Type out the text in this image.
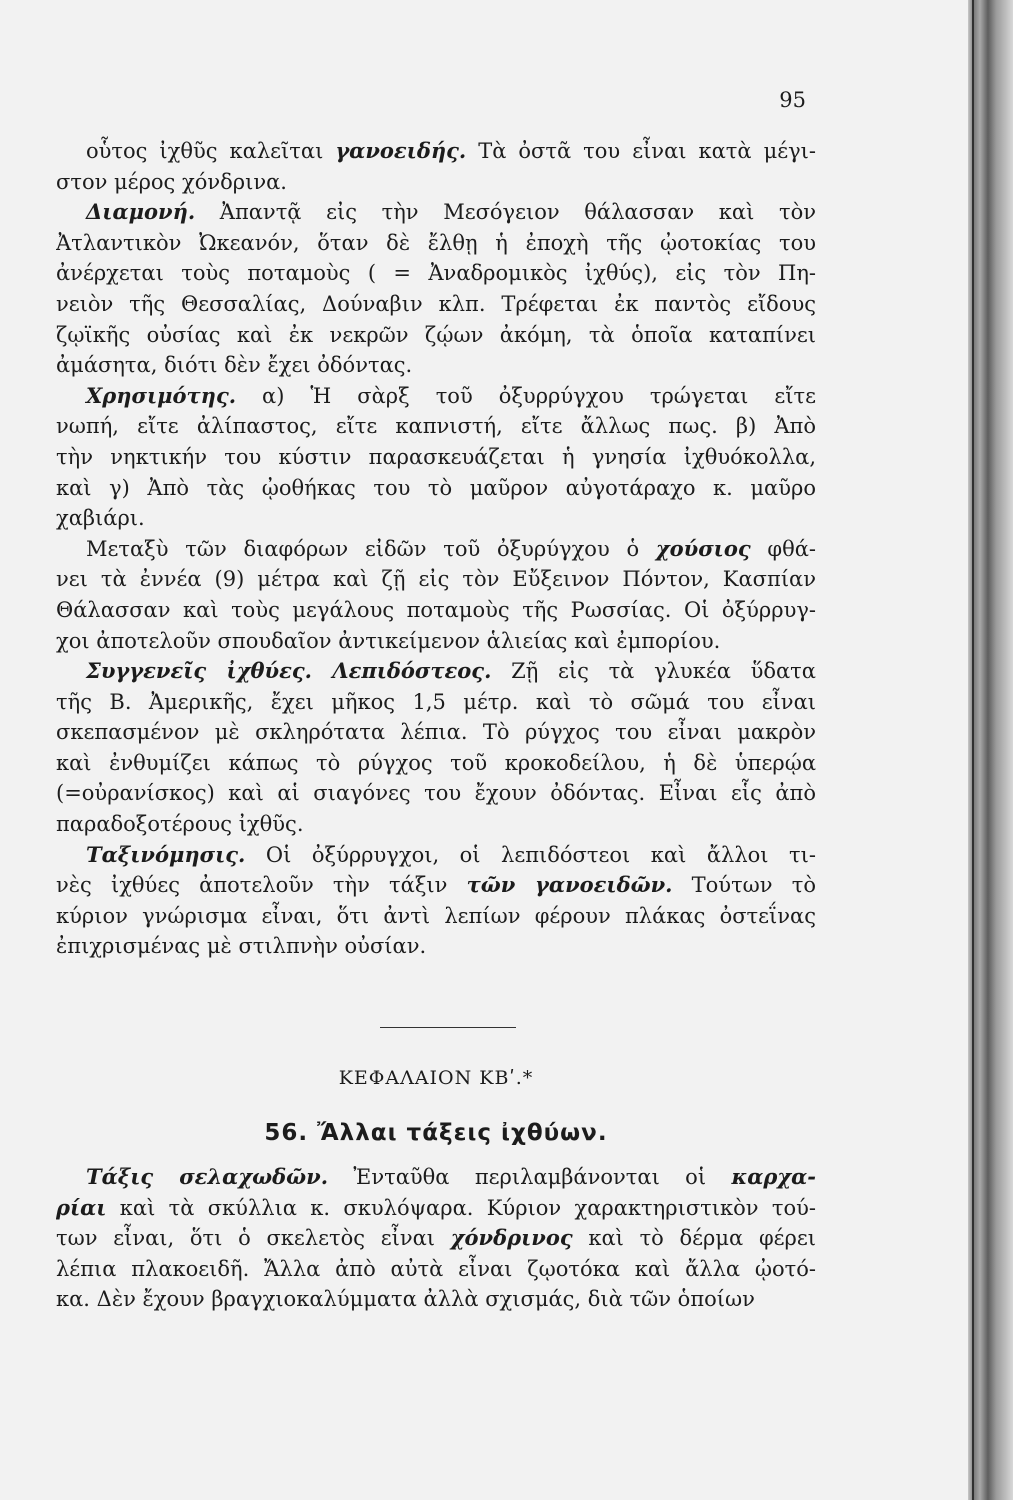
95
οὗτος ἰχθῦς καλεῖται γανοειδής. Τὰ ὀστᾶ του εἶναι κατὰ μέγι-
στον μέρος χόνδρινα.
Διαμονή. Ἀπαντᾷ εἰς τὴν Μεσόγειον θάλασσαν καὶ τὸν
Ἀτλαντικὸν Ὠκεανόν, ὅταν δὲ ἔλθῃ ἡ ἐποχὴ τῆς ᾠοτοκίας του
ἀνέρχεται τοὺς ποταμοὺς ( = Ἀναδρομικὸς ἰχθύς), εἰς τὸν Πη-
νειὸν τῆς Θεσσαλίας, Δούναβιν κλπ. Τρέφεται ἐκ παντὸς εἴδους
ζῳϊκῆς οὐσίας καὶ ἐκ νεκρῶν ζῴων ἀκόμη, τὰ ὁποῖα καταπίνει
ἀμάσητα, διότι δὲν ἔχει ὀδόντας.
Χρησιμότης. α) Ἡ σὰρξ τοῦ ὀξυρρύγχου τρώγεται εἴτε
νωπή, εἴτε ἀλίπαστος, εἴτε καπνιστή, εἴτε ἄλλως πως. β) Ἀπὸ
τὴν νηκτικήν του κύστιν παρασκευάζεται ἡ γνησία ἰχθυόκολλα,
καὶ γ) Ἀπὸ τὰς ᾠοθήκας του τὸ μαῦρον αὐγοτάραχο κ. μαῦρο
χαβιάρι.
Μεταξὺ τῶν διαφόρων εἰδῶν τοῦ ὀξυρύγχου ὁ χούσιος φθά-
νει τὰ ἐννέα (9) μέτρα καὶ ζῇ εἰς τὸν Εὔξεινον Πόντον, Κασπίαν
Θάλασσαν καὶ τοὺς μεγάλους ποταμοὺς τῆς Ρωσσίας. Οἱ ὀξύρρυγ-
χοι ἀποτελοῦν σπουδαῖον ἀντικείμενον ἁλιείας καὶ ἐμπορίου.
Συγγενεῖς ἰχθύες. Λεπιδόστεος. Ζῇ εἰς τὰ γλυκέα ὕδατα
τῆς Β. Ἀμερικῆς, ἔχει μῆκος 1,5 μέτρ. καὶ τὸ σῶμά του εἶναι
σκεπασμένον μὲ σκληρότατα λέπια. Τὸ ρύγχος του εἶναι μακρὸν
καὶ ἐνθυμίζει κάπως τὸ ρύγχος τοῦ κροκοδείλου, ἡ δὲ ὑπερῴα
(=οὐρανίσκος) καὶ αἱ σιαγόνες του ἔχουν ὀδόντας. Εἶναι εἷς ἀπὸ
παραδοξοτέρους ἰχθῦς.
Ταξινόμησις. Οἱ ὀξύρρυγχοι, οἱ λεπιδόστεοι καὶ ἄλλοι τι-
νὲς ἰχθύες ἀποτελοῦν τὴν τάξιν τῶν γανοειδῶν. Τούτων τὸ
κύριον γνώρισμα εἶναι, ὅτι ἀντὶ λεπίων φέρουν πλάκας ὀστεΐνας
ἐπιχρισμένας μὲ στιλπνὴν οὐσίαν.
ΚΕΦΑΛΑΙΟΝ ΚΒʹ.*
56. Ἄλλαι τάξεις ἰχθύων.
Τάξις σελαχωδῶν. Ἐνταῦθα περιλαμβάνονται οἱ καρχα-
ρίαι καὶ τὰ σκύλλια κ. σκυλόψαρα. Κύριον χαρακτηριστικὸν τού-
των εἶναι, ὅτι ὁ σκελετὸς εἶναι χόνδρινος καὶ τὸ δέρμα φέρει
λέπια πλακοειδῆ. Ἄλλα ἀπὸ αὐτὰ εἶναι ζῳοτόκα καὶ ἄλλα ᾠοτό-
κα. Δὲν ἔχουν βραγχιοκαλύμματα ἀλλὰ σχισμάς, διὰ τῶν ὁποίων
